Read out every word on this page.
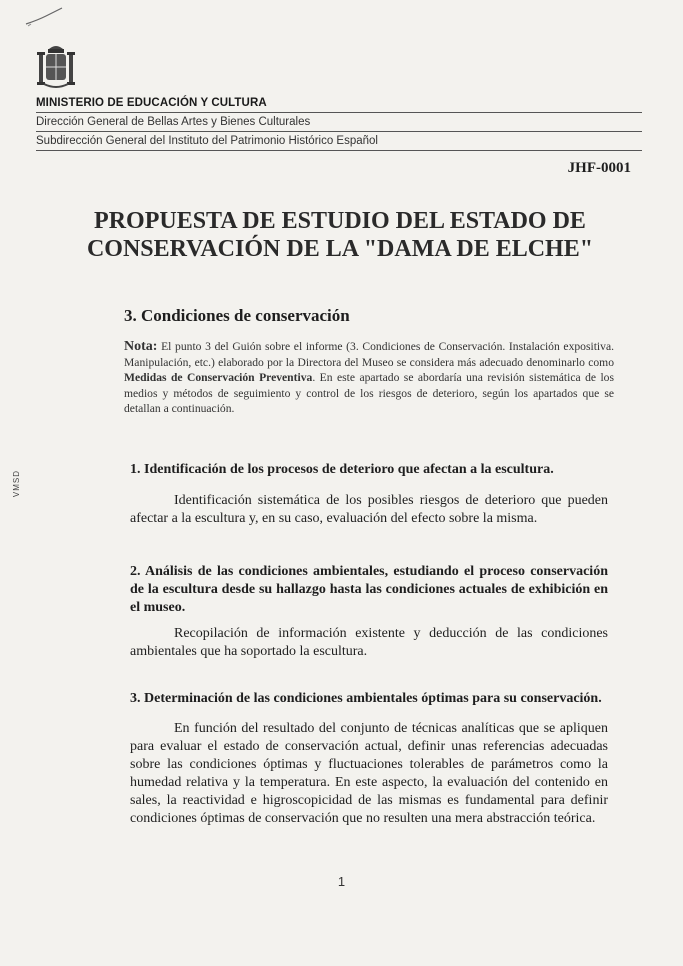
MINISTERIO DE EDUCACIÓN Y CULTURA
Dirección General de Bellas Artes y Bienes Culturales
Subdirección General del Instituto del Patrimonio Histórico Español
JHF-0001
PROPUESTA DE ESTUDIO DEL ESTADO DE
CONSERVACIÓN DE LA "DAMA DE ELCHE"
3. Condiciones de conservación
Nota: El punto 3 del Guión sobre el informe (3. Condiciones de Conservación. Instalación expositiva. Manipulación, etc.) elaborado por la Directora del Museo se considera más adecuado denominarlo como Medidas de Conservación Preventiva. En este apartado se abordaría una revisión sistemática de los medios y métodos de seguimiento y control de los riesgos de deterioro, según los apartados que se detallan a continuación.
VMSD
1. Identificación de los procesos de deterioro que afectan a la escultura.
Identificación sistemática de los posibles riesgos de deterioro que pueden afectar a la escultura y, en su caso, evaluación del efecto sobre la misma.
2. Análisis de las condiciones ambientales, estudiando el proceso conservación de la escultura desde su hallazgo hasta las condiciones actuales de exhibición en el museo.
Recopilación de información existente y deducción de las condiciones ambientales que ha soportado la escultura.
3. Determinación de las condiciones ambientales óptimas para su conservación.
En función del resultado del conjunto de técnicas analíticas que se apliquen para evaluar el estado de conservación actual, definir unas referencias adecuadas sobre las condiciones óptimas y fluctuaciones tolerables de parámetros como la humedad relativa y la temperatura. En este aspecto, la evaluación del contenido en sales, la reactividad e higroscopicidad de las mismas es fundamental para definir condiciones óptimas de conservación que no resulten una mera abstracción teórica.
1
